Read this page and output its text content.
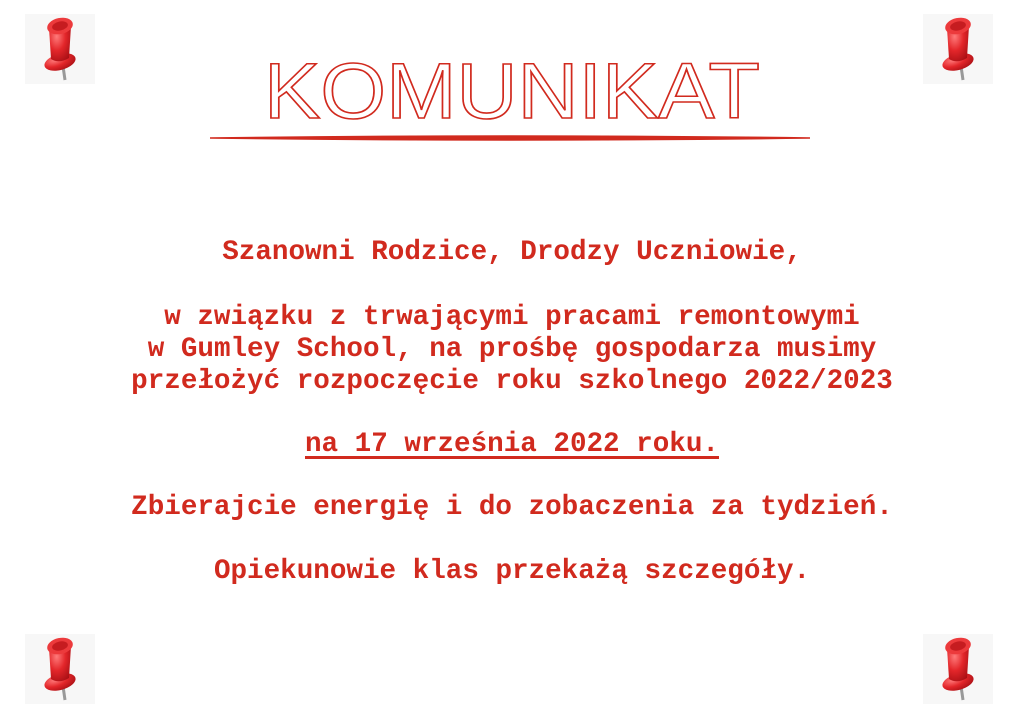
KOMUNIKAT
Szanowni Rodzice, Drodzy Uczniowie,
w związku z trwającymi pracami remontowymi
w Gumley School, na prośbę gospodarza musimy
przełożyć rozpoczęcie roku szkolnego 2022/2023
na 17 września 2022 roku.
Zbierajcie energię i do zobaczenia za tydzień.
Opiekunowie klas przekażą szczegóły.
